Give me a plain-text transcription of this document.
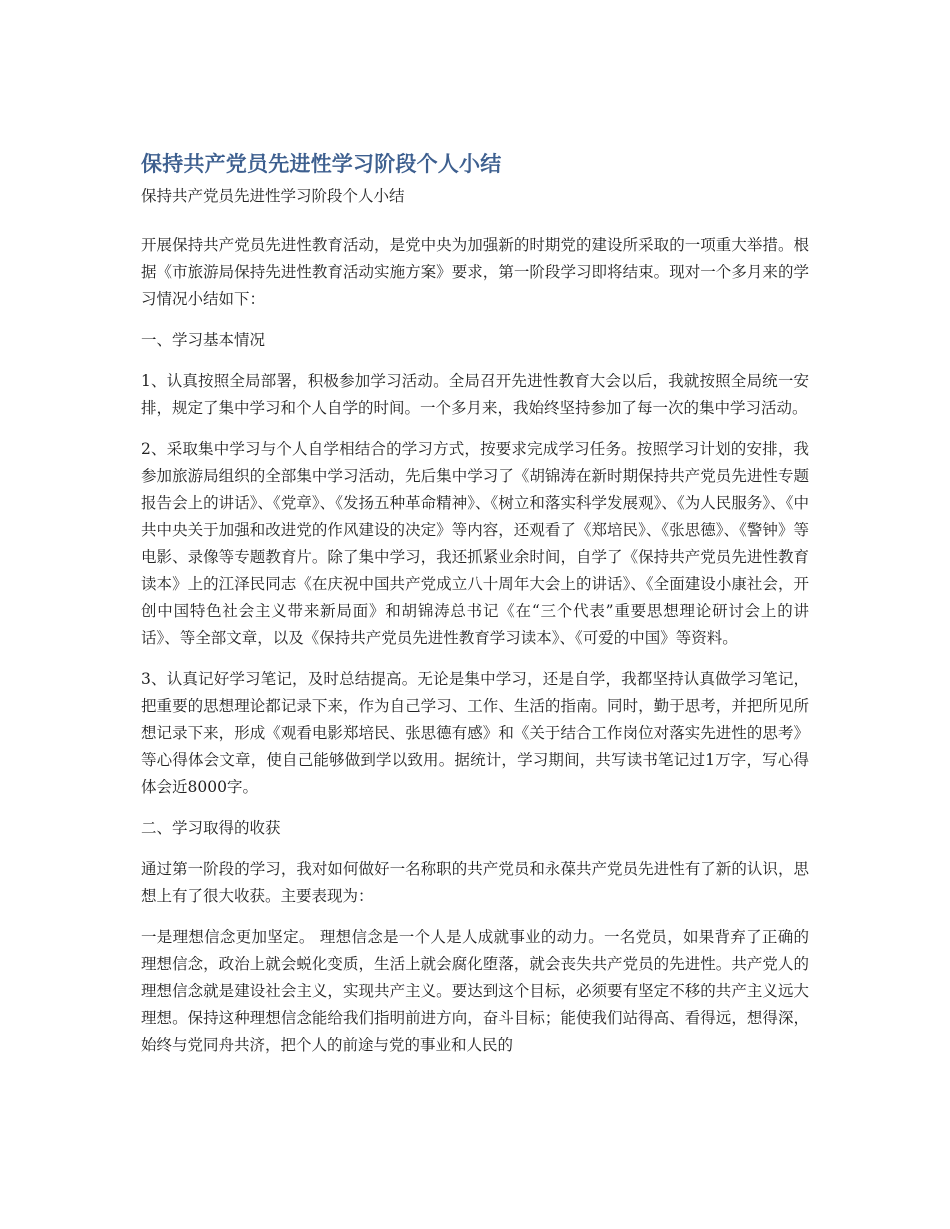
保持共产党员先进性学习阶段个人小结

保持共产党员先进性学习阶段个人小结

开展保持共产党员先进性教育活动，是党中央为加强新的时期党的建设所采取的一项重大举措。根据《市旅游局保持先进性教育活动实施方案》要求，第一阶段学习即将结束。现对一个多月来的学习情况小结如下：

一、学习基本情况

1、认真按照全局部署，积极参加学习活动。全局召开先进性教育大会以后，我就按照全局统一安排，规定了集中学习和个人自学的时间。一个多月来，我始终坚持参加了每一次的集中学习活动。

2、采取集中学习与个人自学相结合的学习方式，按要求完成学习任务。按照学习计划的安排，我参加旅游局组织的全部集中学习活动，先后集中学习了《胡锦涛在新时期保持共产党员先进性专题报告会上的讲话》、《党章》、《发扬五种革命精神》、《树立和落实科学发展观》、《为人民服务》、《中共中央关于加强和改进党的作风建设的决定》等内容，还观看了《郑培民》、《张思德》、《警钟》等电影、录像等专题教育片。除了集中学习，我还抓紧业余时间，自学了《保持共产党员先进性教育读本》上的江泽民同志《在庆祝中国共产党成立八十周年大会上的讲话》、《全面建设小康社会，开创中国特色社会主义带来新局面》和胡锦涛总书记《在“三个代表”重要思想理论研讨会上的讲话》、等全部文章，以及《保持共产党员先进性教育学习读本》、《可爱的中国》等资料。

3、认真记好学习笔记，及时总结提高。无论是集中学习，还是自学，我都坚持认真做学习笔记，把重要的思想理论都记录下来，作为自己学习、工作、生活的指南。同时，勤于思考，并把所见所想记录下来，形成《观看电影郑培民、张思德有感》和《关于结合工作岗位对落实先进性的思考》等心得体会文章，使自己能够做到学以致用。据统计，学习期间，共写读书笔记过1万字，写心得体会近8000字。

二、学习取得的收获

通过第一阶段的学习，我对如何做好一名称职的共产党员和永葆共产党员先进性有了新的认识，思想上有了很大收获。主要表现为：

一是理想信念更加坚定。 理想信念是一个人是人成就事业的动力。一名党员，如果背弃了正确的理想信念，政治上就会蜕化变质，生活上就会腐化堕落，就会丧失共产党员的先进性。共产党人的理想信念就是建设社会主义，实现共产主义。要达到这个目标，必须要有坚定不移的共产主义远大理想。保持这种理想信念能给我们指明前进方向，奋斗目标；能使我们站得高、看得远，想得深，始终与党同舟共济，把个人的前途与党的事业和人民的
